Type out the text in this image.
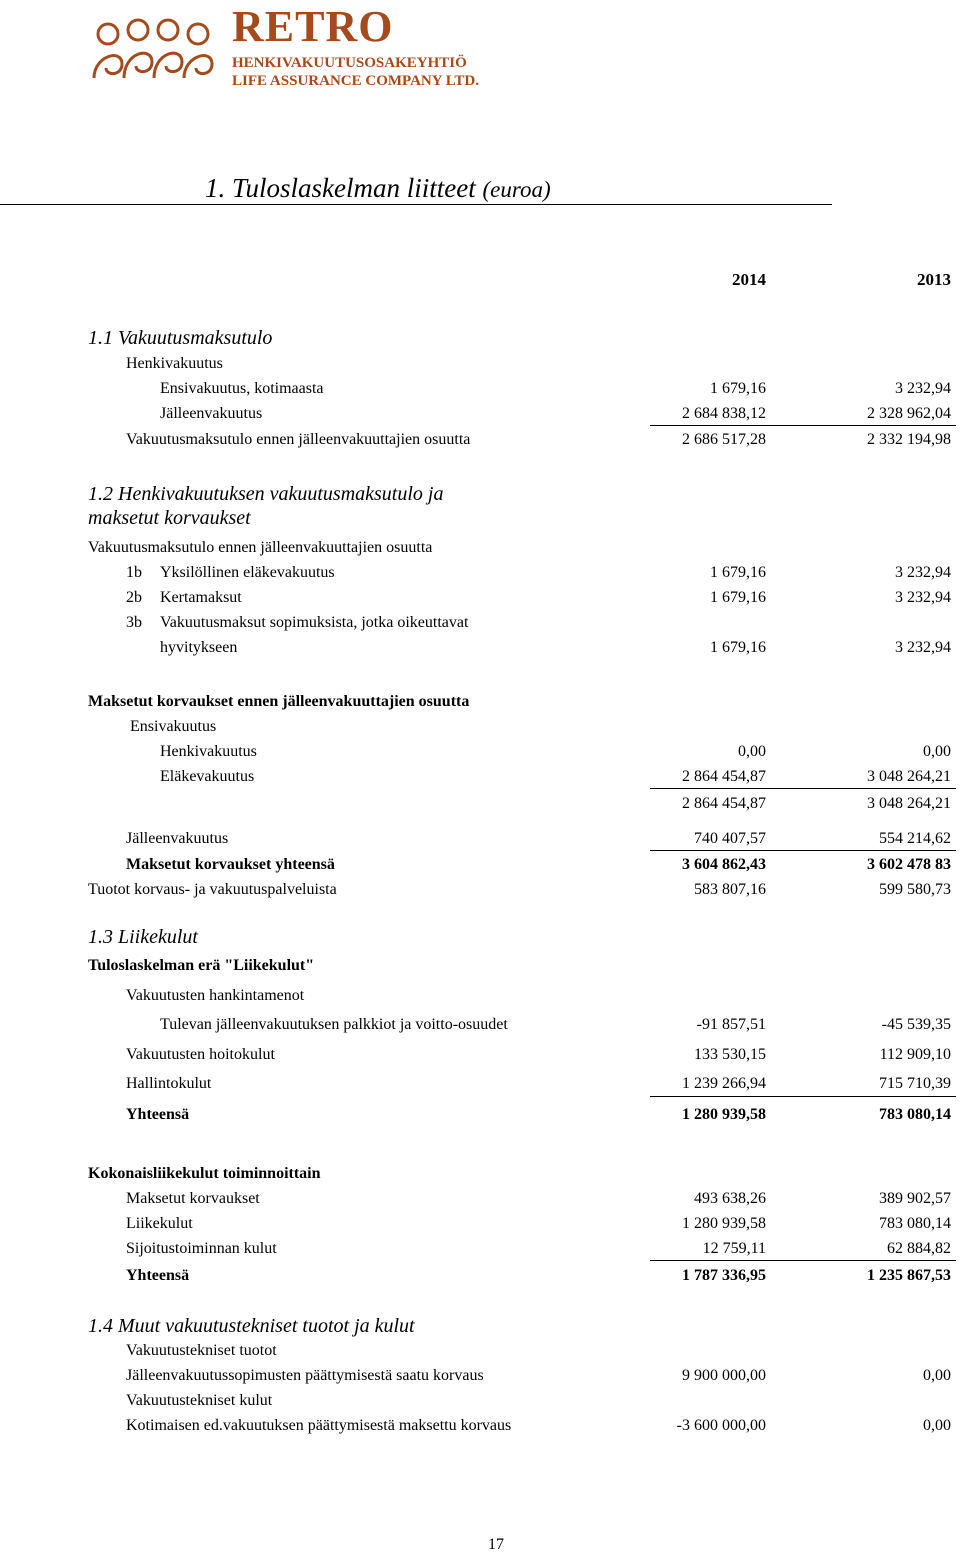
RETRO
HENKIVAKUUTUSOSAKEYHTIÖ
LIFE ASSURANCE COMPANY LTD.
1. Tuloslaskelman liitteet (euroa)
2014	2013
1.1 Vakuutusmaksutulo
Henkivakuutus
Ensivakuutus, kotimaasta	1 679,16	3 232,94
Jälleenvakuutus	2 684 838,12	2 328 962,04
Vakuutusmaksutulo ennen jälleenvakuuttajien osuutta	2 686 517,28	2 332 194,98
1.2 Henkivakuutuksen vakuutusmaksutulo ja
maksetut korvaukset
Vakuutusmaksutulo ennen jälleenvakuuttajien osuutta
1b Yksilöllinen eläkevakuutus	1 679,16	3 232,94
2b Kertamaksut	1 679,16	3 232,94
3b Vakuutusmaksut sopimuksista, jotka oikeuttavat
hyvitykseen	1 679,16	3 232,94
Maksetut korvaukset ennen jälleenvakuuttajien osuutta
Ensivakuutus
Henkivakuutus	0,00	0,00
Eläkevakuutus	2 864 454,87	3 048 264,21
2 864 454,87	3 048 264,21
Jälleenvakuutus	740 407,57	554 214,62
Maksetut korvaukset yhteensä	3 604 862,43	3 602 478 83
Tuotot korvaus- ja vakuutuspalveluista	583 807,16	599 580,73
1.3 Liikekulut
Tuloslaskelman erä "Liikekulut"
Vakuutusten hankintamenot
Tulevan jälleenvakuutuksen palkkiot ja voitto-osuudet	-91 857,51	-45 539,35
Vakuutusten hoitokulut	133 530,15	112 909,10
Hallintokulut	1 239 266,94	715 710,39
Yhteensä	1 280 939,58	783 080,14
Kokonaisliikekulut toiminnoittain
Maksetut korvaukset	493 638,26	389 902,57
Liikekulut	1 280 939,58	783 080,14
Sijoitustoiminnan kulut	12 759,11	62 884,82
Yhteensä	1 787 336,95	1 235 867,53
1.4 Muut vakuutustekniset tuotot ja kulut
Vakuutustekniset tuotot
Jälleenvakuutussopimusten päättymisestä saatu korvaus	9 900 000,00	0,00
Vakuutustekniset kulut
Kotimaisen ed.vakuutuksen päättymisestä maksettu korvaus	-3 600 000,00	0,00
17
